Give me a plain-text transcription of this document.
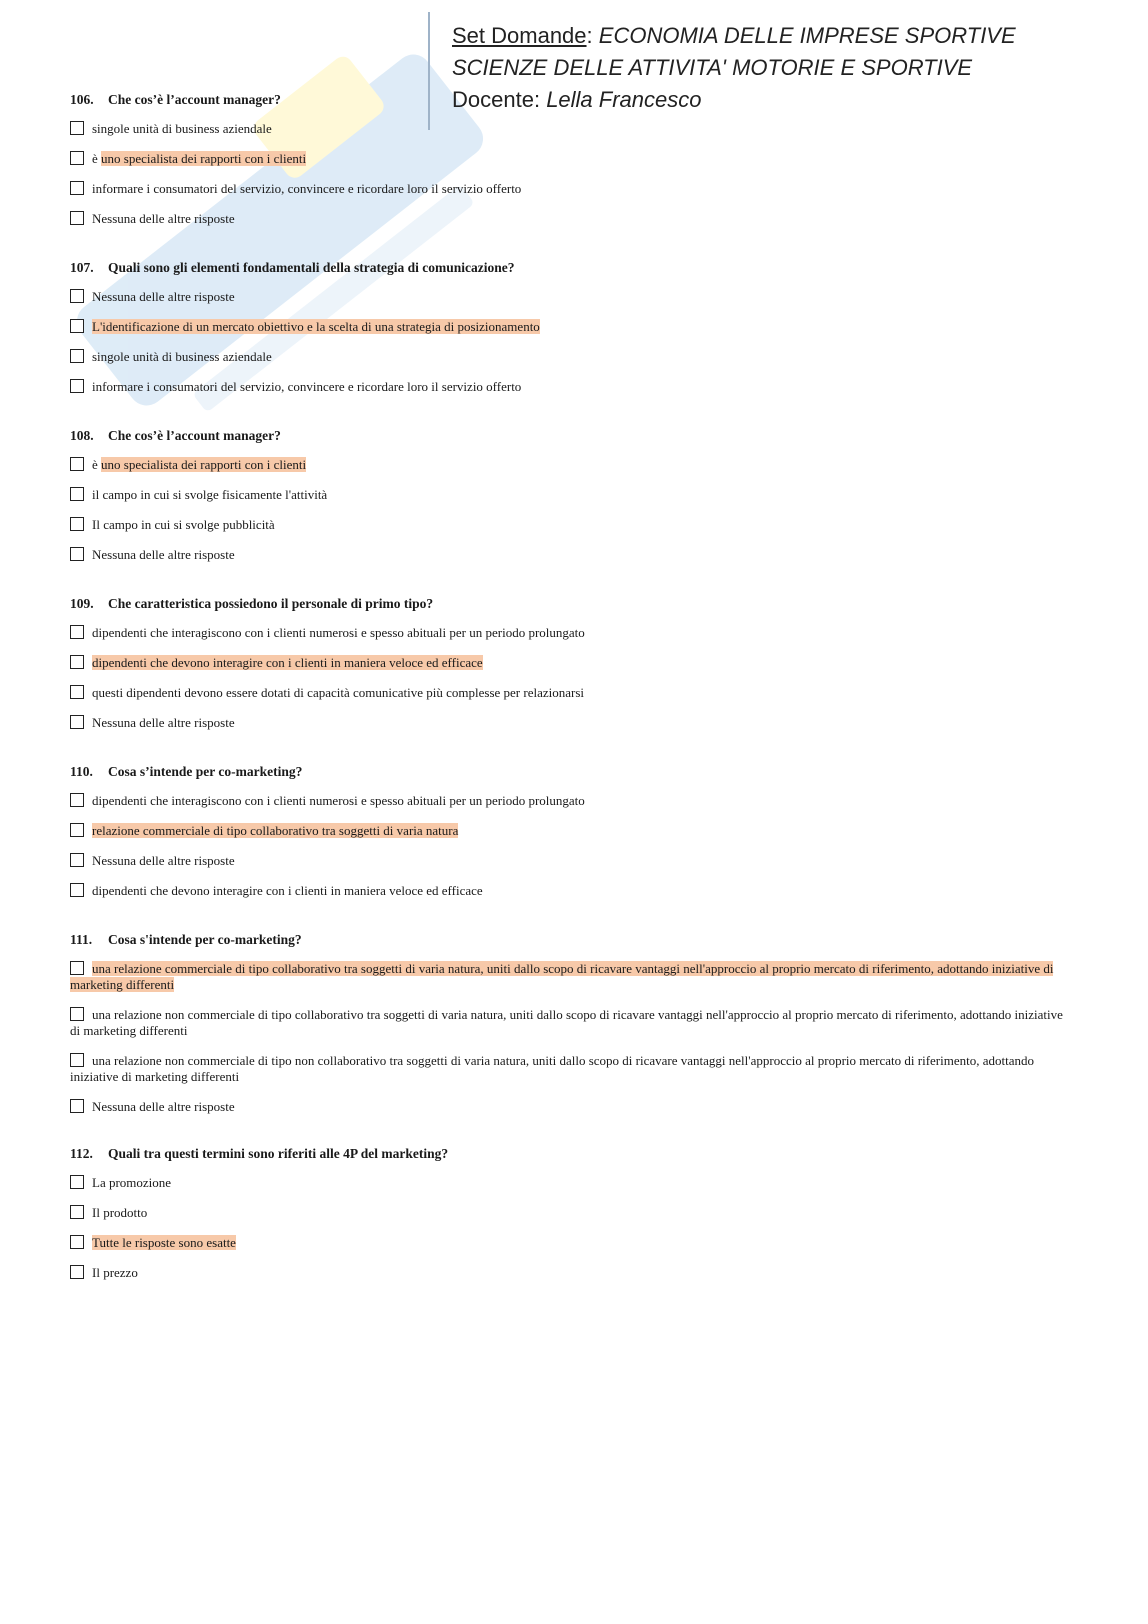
Set Domande: ECONOMIA DELLE IMPRESE SPORTIVE
SCIENZE DELLE ATTIVITA' MOTORIE E SPORTIVE
Docente: Lella Francesco
106. Che cos’è l’account manager?
singole unità di business aziendale
è uno specialista dei rapporti con i clienti
informare i consumatori del servizio, convincere e ricordare loro il servizio offerto
Nessuna delle altre risposte
107. Quali sono gli elementi fondamentali della strategia di comunicazione?
Nessuna delle altre risposte
L'identificazione di un mercato obiettivo e la scelta di una strategia di posizionamento
singole unità di business aziendale
informare i consumatori del servizio, convincere e ricordare loro il servizio offerto
108. Che cos’è l’account manager?
è uno specialista dei rapporti con i clienti
il campo in cui si svolge fisicamente l'attività
Il campo in cui si svolge pubblicità
Nessuna delle altre risposte
109. Che caratteristica possiedono il personale di primo tipo?
dipendenti che interagiscono con i clienti numerosi e spesso abituali per un periodo prolungato
dipendenti che devono interagire con i clienti in maniera veloce ed efficace
questi dipendenti devono essere dotati di capacità comunicative più complesse per relazionarsi
Nessuna delle altre risposte
110. Cosa s’intende per co-marketing?
dipendenti che interagiscono con i clienti numerosi e spesso abituali per un periodo prolungato
relazione commerciale di tipo collaborativo tra soggetti di varia natura
Nessuna delle altre risposte
dipendenti che devono interagire con i clienti in maniera veloce ed efficace
111. Cosa s'intende per co-marketing?
una relazione commerciale di tipo collaborativo tra soggetti di varia natura, uniti dallo scopo di ricavare vantaggi nell'approccio al proprio mercato di riferimento, adottando iniziative di marketing differenti
una relazione non commerciale di tipo collaborativo tra soggetti di varia natura, uniti dallo scopo di ricavare vantaggi nell'approccio al proprio mercato di riferimento, adottando iniziative di marketing differenti
una relazione non commerciale di tipo non collaborativo tra soggetti di varia natura, uniti dallo scopo di ricavare vantaggi nell'approccio al proprio mercato di riferimento, adottando iniziative di marketing differenti
Nessuna delle altre risposte
112. Quali tra questi termini sono riferiti alle 4P del marketing?
La promozione
Il prodotto
Tutte le risposte sono esatte
Il prezzo
